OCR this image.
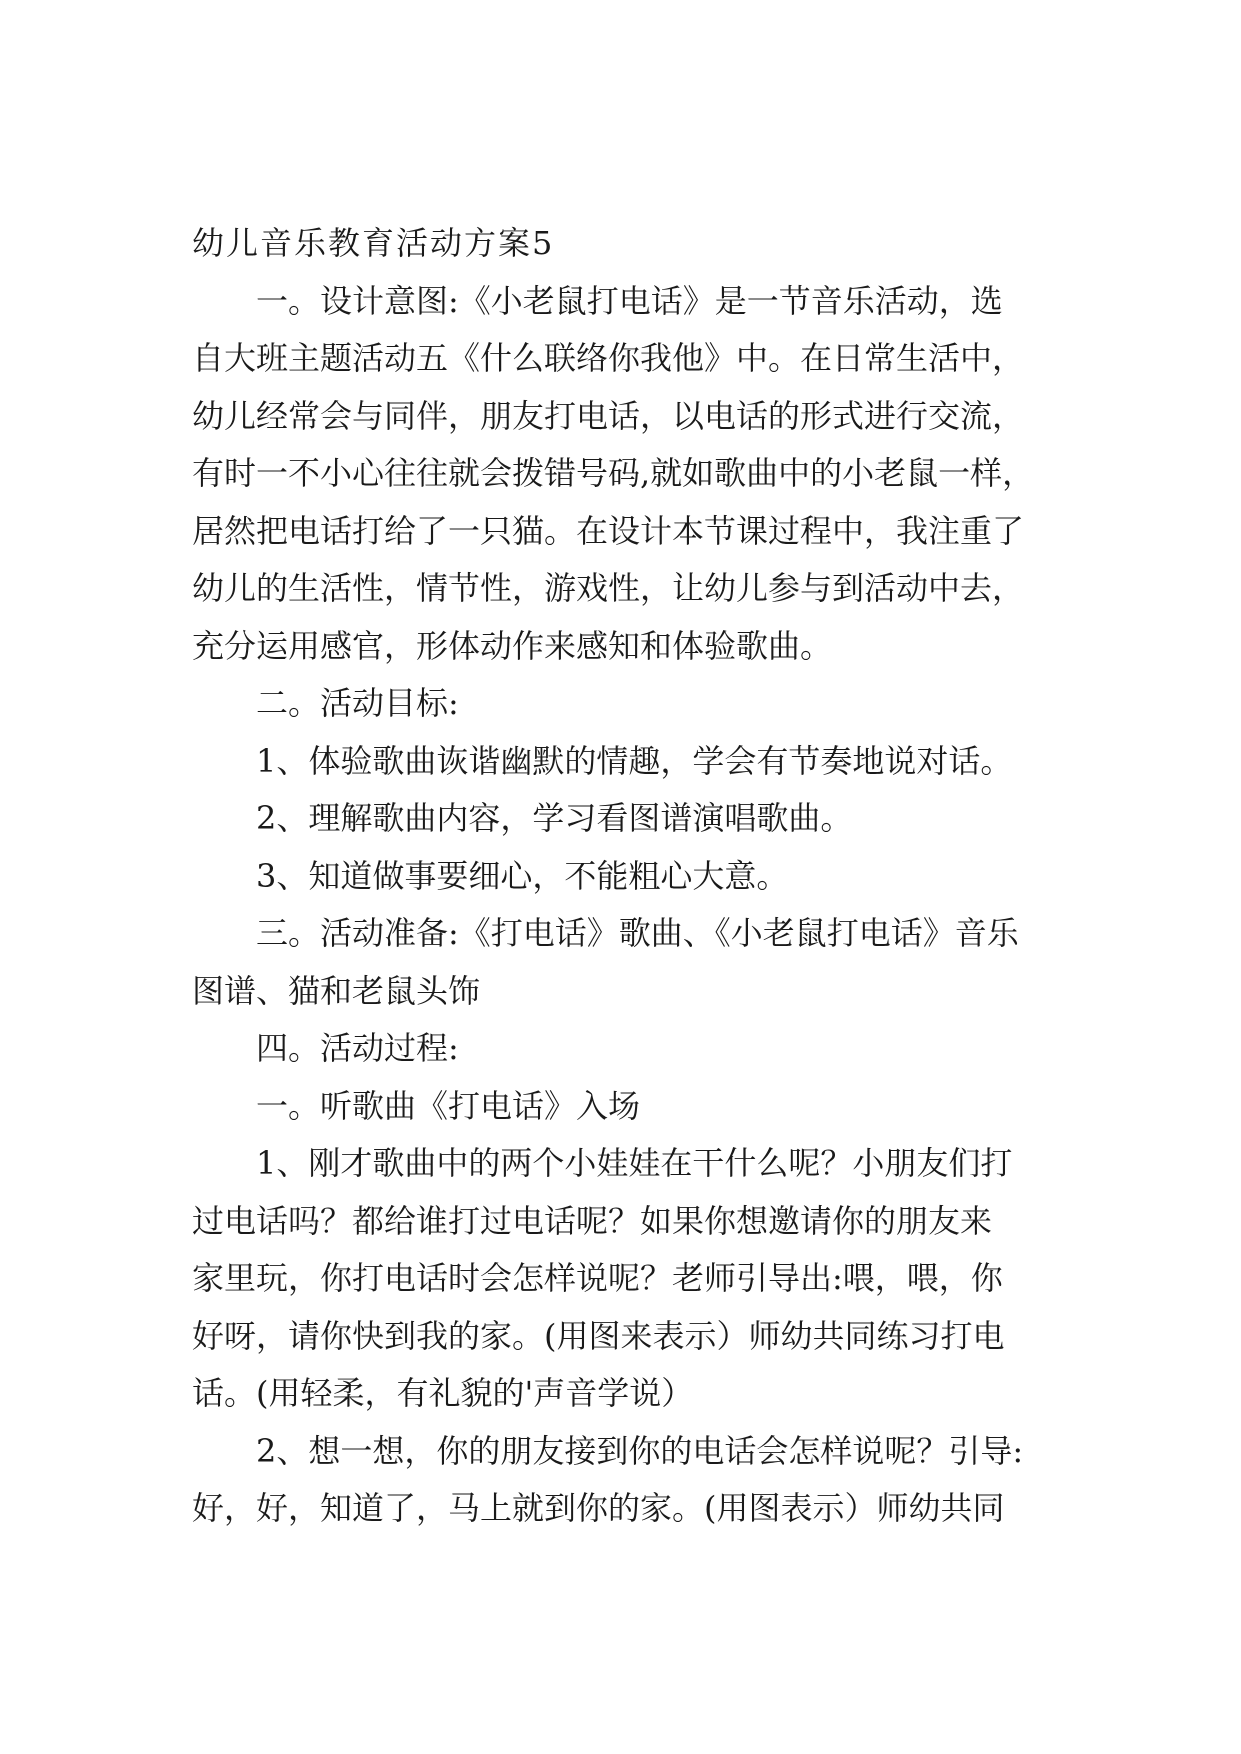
幼儿音乐教育活动方案5
一。设计意图:《小老鼠打电话》是一节音乐活动，选
自大班主题活动五《什么联络你我他》中。在日常生活中，
幼儿经常会与同伴，朋友打电话，以电话的形式进行交流，
有时一不小心往往就会拨错号码,就如歌曲中的小老鼠一样，
居然把电话打给了一只猫。在设计本节课过程中，我注重了
幼儿的生活性，情节性，游戏性，让幼儿参与到活动中去，
充分运用感官，形体动作来感知和体验歌曲。
二。活动目标:
1、体验歌曲诙谐幽默的情趣，学会有节奏地说对话。
2、理解歌曲内容，学习看图谱演唱歌曲。
3、知道做事要细心，不能粗心大意。
三。活动准备:《打电话》歌曲、《小老鼠打电话》音乐
图谱、猫和老鼠头饰
四。活动过程:
一。听歌曲《打电话》入场
1、刚才歌曲中的两个小娃娃在干什么呢？小朋友们打
过电话吗？都给谁打过电话呢？如果你想邀请你的朋友来
家里玩，你打电话时会怎样说呢？老师引导出:喂，喂，你
好呀，请你快到我的家。(用图来表示）师幼共同练习打电
话。(用轻柔，有礼貌的'声音学说）
2、想一想，你的朋友接到你的电话会怎样说呢？引导:
好，好，知道了，马上就到你的家。(用图表示）师幼共同
